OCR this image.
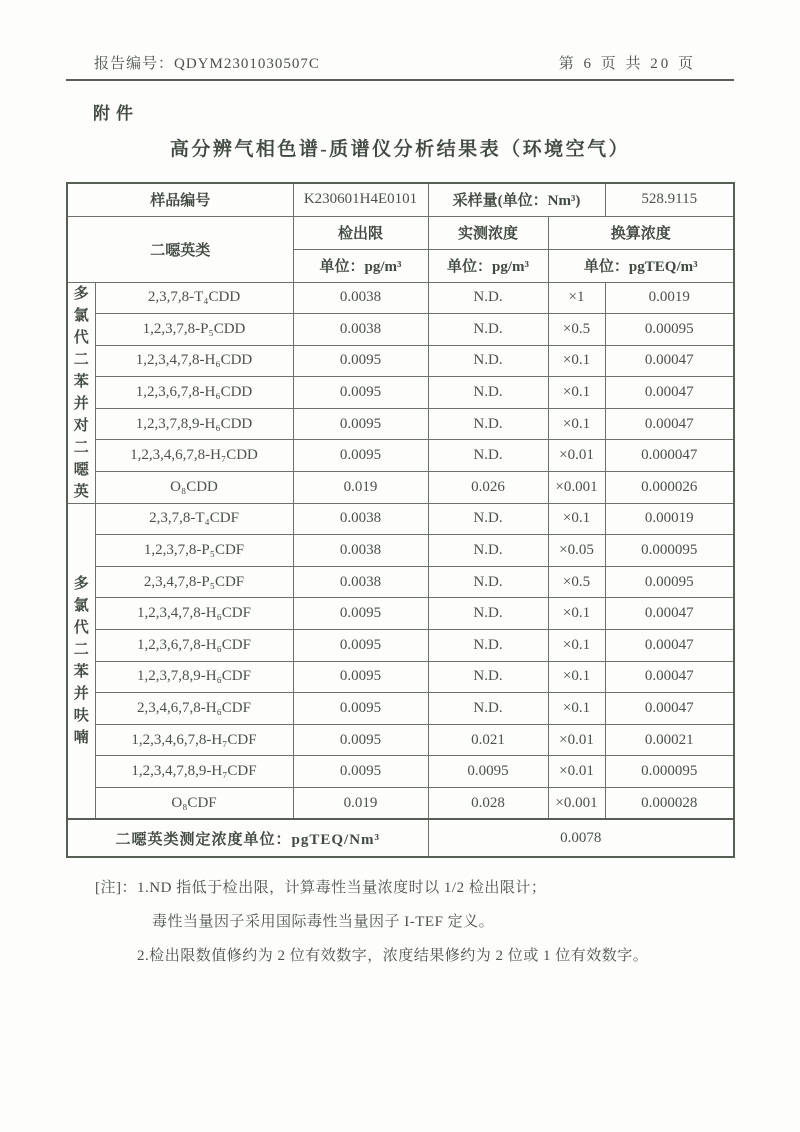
报告编号：QDYM2301030507C	第 6 页 共 20 页
附件
高分辨气相色谱-质谱仪分析结果表（环境空气）
样品编号		K230601H4E0101	采样量(单位：Nm³)		528.9115
二噁英类		检出限	实测浓度	换算浓度	
		单位：pg/m³	单位：pg/m³	单位：pgTEQ/m³	

多氯代二苯并对二噁英	2,3,7,8-T₄CDD	0.0038	N.D.	×1	0.0019
	1,2,3,7,8-P₅CDD	0.0038	N.D.	×0.5	0.00095
	1,2,3,4,7,8-H₆CDD	0.0095	N.D.	×0.1	0.00047
	1,2,3,6,7,8-H₆CDD	0.0095	N.D.	×0.1	0.00047
	1,2,3,7,8,9-H₆CDD	0.0095	N.D.	×0.1	0.00047
	1,2,3,4,6,7,8-H₇CDD	0.0095	N.D.	×0.01	0.000047
	O₈CDD	0.019	0.026	×0.001	0.000026

多氯代二苯并呋喃	2,3,7,8-T₄CDF	0.0038	N.D.	×0.1	0.00019
	1,2,3,7,8-P₅CDF	0.0038	N.D.	×0.05	0.000095
	2,3,4,7,8-P₅CDF	0.0038	N.D.	×0.5	0.00095
	1,2,3,4,7,8-H₆CDF	0.0095	N.D.	×0.1	0.00047
	1,2,3,6,7,8-H₆CDF	0.0095	N.D.	×0.1	0.00047
	1,2,3,7,8,9-H₆CDF	0.0095	N.D.	×0.1	0.00047
	2,3,4,6,7,8-H₆CDF	0.0095	N.D.	×0.1	0.00047
	1,2,3,4,6,7,8-H₇CDF	0.0095	0.021	×0.01	0.00021
	1,2,3,4,7,8,9-H₇CDF	0.0095	0.0095	×0.01	0.000095
	O₈CDF	0.019	0.028	×0.001	0.000028
二噁英类测定浓度单位：pgTEQ/Nm³			0.0078		
[注]：1.ND 指低于检出限，计算毒性当量浓度时以 1/2 检出限计；
毒性当量因子采用国际毒性当量因子 I-TEF 定义。
2.检出限数值修约为 2 位有效数字，浓度结果修约为 2 位或 1 位有效数字。
